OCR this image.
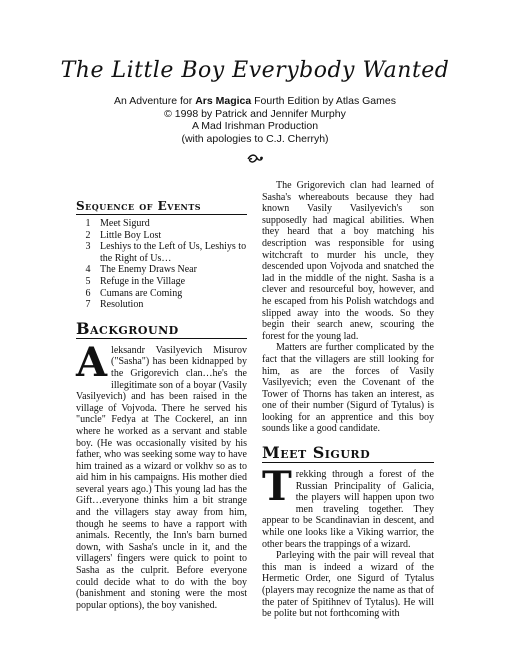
The Little Boy Everybody Wanted
An Adventure for Ars Magica Fourth Edition by Atlas Games
© 1998 by Patrick and Jennifer Murphy
A Mad Irishman Production
(with apologies to C.J. Cherryh)
Sequence of Events
1 Meet Sigurd
2 Little Boy Lost
3 Leshiys to the Left of Us, Leshiys to the Right of Us…
4 The Enemy Draws Near
5 Refuge in the Village
6 Cumans are Coming
7 Resolution
Background

Aleksandr Vasilyevich Misurov ("Sasha") has been kidnapped by the Grigorevich clan…he's the illegitimate son of a boyar (Vasily Vasilyevich) and has been raised in the village of Vojvoda. There he served his "uncle" Fedya at The Cockerel, an inn where he worked as a servant and stable boy. (He was occasionally visited by his father, who was seeking some way to have him trained as a wizard or volkhv so as to aid him in his campaigns. His mother died several years ago.) This young lad has the Gift…everyone thinks him a bit strange and the villagers stay away from him, though he seems to have a rapport with animals. Recently, the Inn's barn burned down, with Sasha's uncle in it, and the villagers' fingers were quick to point to Sasha as the culprit. Before everyone could decide what to do with the boy (banishment and stoning were the most popular options), the boy vanished.

The Grigorevich clan had learned of Sasha's whereabouts because they had known Vasily Vasilyevich's son supposedly had magical abilities. When they heard that a boy matching his description was responsible for using witchcraft to murder his uncle, they descended upon Vojvoda and snatched the lad in the middle of the night. Sasha is a clever and resourceful boy, however, and he escaped from his Polish watchdogs and slipped away into the woods. So they begin their search anew, scouring the forest for the young lad.

Matters are further complicated by the fact that the villagers are still looking for him, as are the forces of Vasily Vasilyevich; even the Covenant of the Tower of Thorns has taken an interest, as one of their number (Sigurd of Tytalus) is looking for an apprentice and this boy sounds like a good candidate.

Meet Sigurd

Trekking through a forest of the Russian Principality of Galicia, the players will happen upon two men traveling together. They appear to be Scandinavian in descent, and while one looks like a Viking warrior, the other bears the trappings of a wizard.

Parleying with the pair will reveal that this man is indeed a wizard of the Hermetic Order, one Sigurd of Tytalus (players may recognize the name as that of the pater of Spitihnev of Tytalus). He will be polite but not forthcoming with
